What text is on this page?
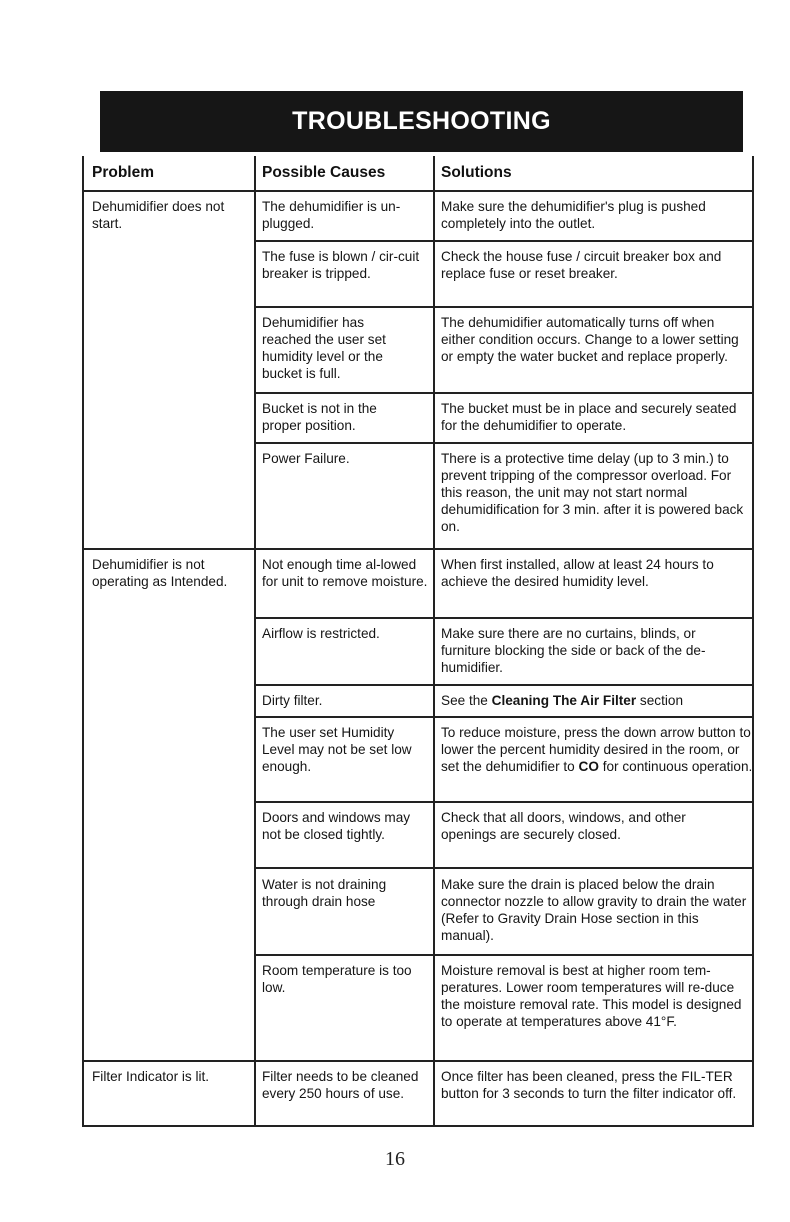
TROUBLESHOOTING
Problem	Possible Causes	Solutions
Dehumidifier does not start.
Dehumidifier is not operating as Intended.
Filter Indicator is lit.
The dehumidifier is un-plugged.
The fuse is blown / cir-cuit breaker is tripped.
Dehumidifier has reached the user set humidity level or the bucket is full.
Bucket is not in the proper position.
Power Failure.
Not enough time al-lowed for unit to remove moisture.
Airflow is restricted.
Dirty filter.
The user set Humidity Level may not be set low enough.
Doors and windows may not be closed tightly.
Water is not draining through drain hose
Room temperature is too low.
Filter needs to be cleaned every 250 hours of use.
Make sure the dehumidifier's plug is pushed completely into the outlet.
Check the house fuse / circuit breaker box and replace fuse or reset breaker.
The dehumidifier automatically turns off when either condition occurs. Change to a lower setting or empty the water bucket and replace properly.
The bucket must be in place and securely seated for the dehumidifier to operate.
There is a protective time delay (up to 3 min.) to prevent tripping of the compressor overload. For this reason, the unit may not start normal dehumidification for 3 min. after it is powered back on.
When first installed, allow at least 24 hours to achieve the desired humidity level.
Make sure there are no curtains, blinds, or furniture blocking the side or back of the de-humidifier.
See the Cleaning The Air Filter section
To reduce moisture, press the down arrow button to lower the percent humidity desired in the room, or set the dehumidifier to CO for continuous operation.
Check that all doors, windows, and other openings are securely closed.
Make sure the drain is placed below the drain connector nozzle to allow gravity to drain the water (Refer to Gravity Drain Hose section in this manual).
Moisture removal is best at higher room tem-peratures. Lower room temperatures will re-duce the moisture removal rate. This model is designed to operate at temperatures above 41°F.
Once filter has been cleaned, press the FIL-TER button for 3 seconds to turn the filter indicator off.
16
